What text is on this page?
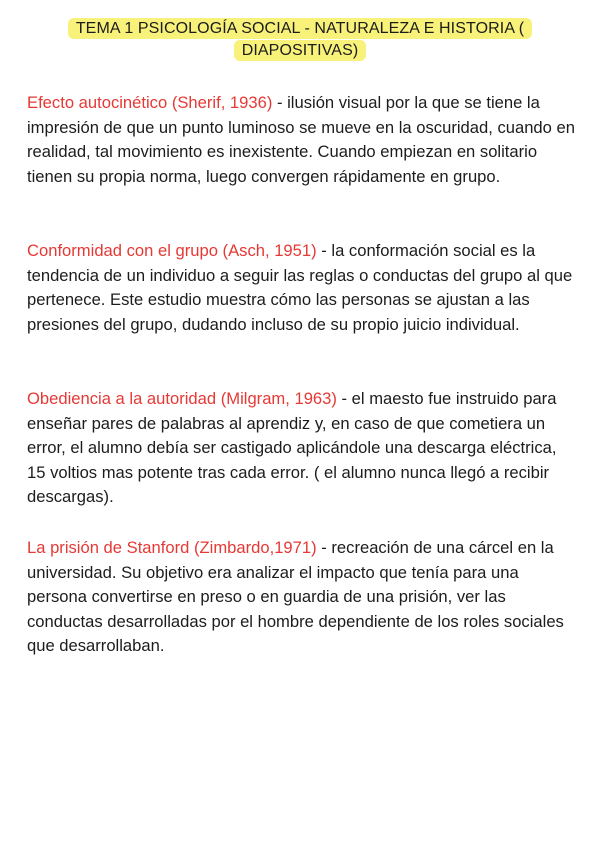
TEMA 1 PSICOLOGÍA SOCIAL - NATURALEZA E HISTORIA ( DIAPOSITIVAS)

Efecto autocinético (Sherif, 1936) - ilusión visual por la que se tiene la impresión de que un punto luminoso se mueve en la oscuridad, cuando en realidad, tal movimiento es inexistente. Cuando empiezan en solitario tienen su propia norma, luego convergen rápidamente en grupo.

Conformidad con el grupo (Asch, 1951) - la conformación social es la tendencia de un individuo a seguir las reglas o conductas del grupo al que pertenece. Este estudio muestra cómo las personas se ajustan a las presiones del grupo, dudando incluso de su propio juicio individual.

Obediencia a la autoridad (Milgram, 1963) - el maesto fue instruido para enseñar pares de palabras al aprendiz y, en caso de que cometiera un error, el alumno debía ser castigado aplicándole una descarga eléctrica, 15 voltios mas potente tras cada error. ( el alumno nunca llegó a recibir descargas).

La prisión de Stanford (Zimbardo,1971) - recreación de una cárcel en la universidad. Su objetivo era analizar el impacto que tenía para una persona convertirse en preso o en guardia de una prisión, ver las conductas desarrolladas por el hombre dependiente de los roles sociales que desarrollaban.
